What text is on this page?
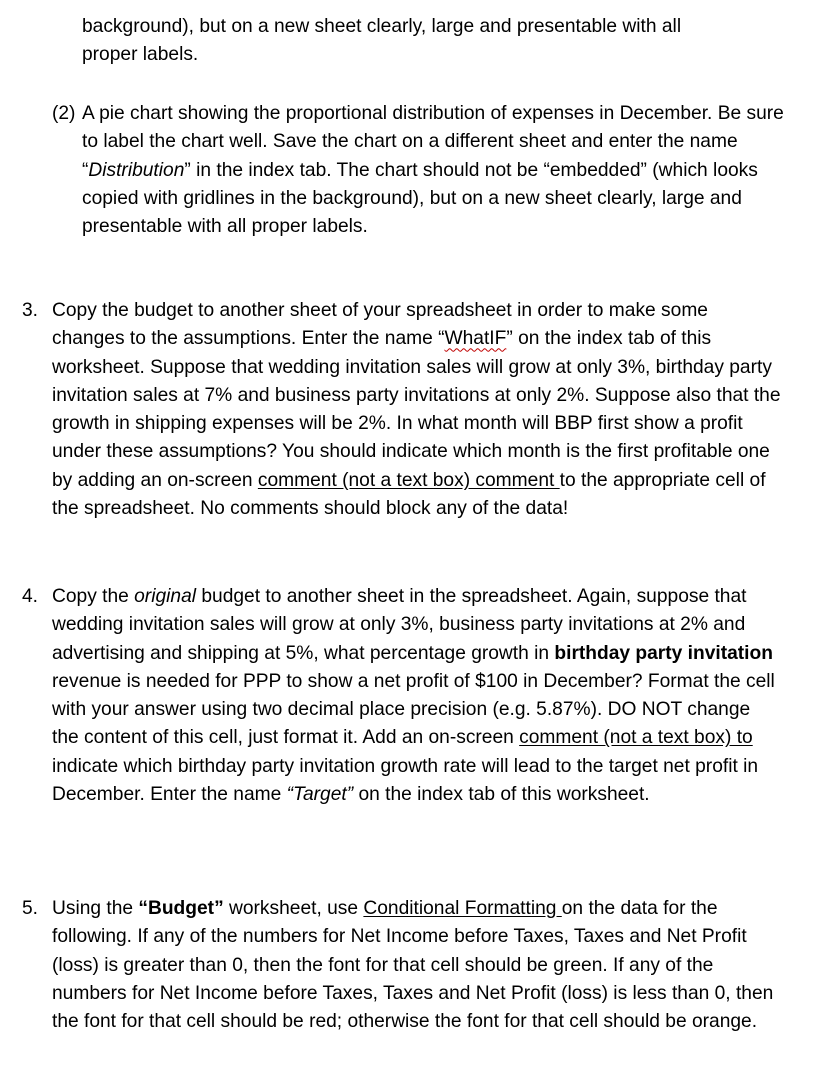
background), but on a new sheet clearly, large and presentable with all
proper labels.
(2) A pie chart showing the proportional distribution of expenses in December. Be sure to label the chart well. Save the chart on a different sheet and enter the name “Distribution” in the index tab. The chart should not be “embedded” (which looks copied with gridlines in the background), but on a new sheet clearly, large and presentable with all proper labels.
3. Copy the budget to another sheet of your spreadsheet in order to make some changes to the assumptions. Enter the name “WhatIF” on the index tab of this worksheet. Suppose that wedding invitation sales will grow at only 3%, birthday party invitation sales at 7% and business party invitations at only 2%. Suppose also that the growth in shipping expenses will be 2%. In what month will BBP first show a profit under these assumptions? You should indicate which month is the first profitable one by adding an on-screen comment (not a text box) comment to the appropriate cell of the spreadsheet. No comments should block any of the data!
4. Copy the original budget to another sheet in the spreadsheet. Again, suppose that wedding invitation sales will grow at only 3%, business party invitations at 2% and advertising and shipping at 5%, what percentage growth in birthday party invitation revenue is needed for PPP to show a net profit of $100 in December? Format the cell with your answer using two decimal place precision (e.g. 5.87%). DO NOT change the content of this cell, just format it. Add an on-screen comment (not a text box) to indicate which birthday party invitation growth rate will lead to the target net profit in December. Enter the name “Target” on the index tab of this worksheet.
5. Using the “Budget” worksheet, use Conditional Formatting on the data for the following. If any of the numbers for Net Income before Taxes, Taxes and Net Profit (loss) is greater than 0, then the font for that cell should be green. If any of the numbers for Net Income before Taxes, Taxes and Net Profit (loss) is less than 0, then the font for that cell should be red; otherwise the font for that cell should be orange.
